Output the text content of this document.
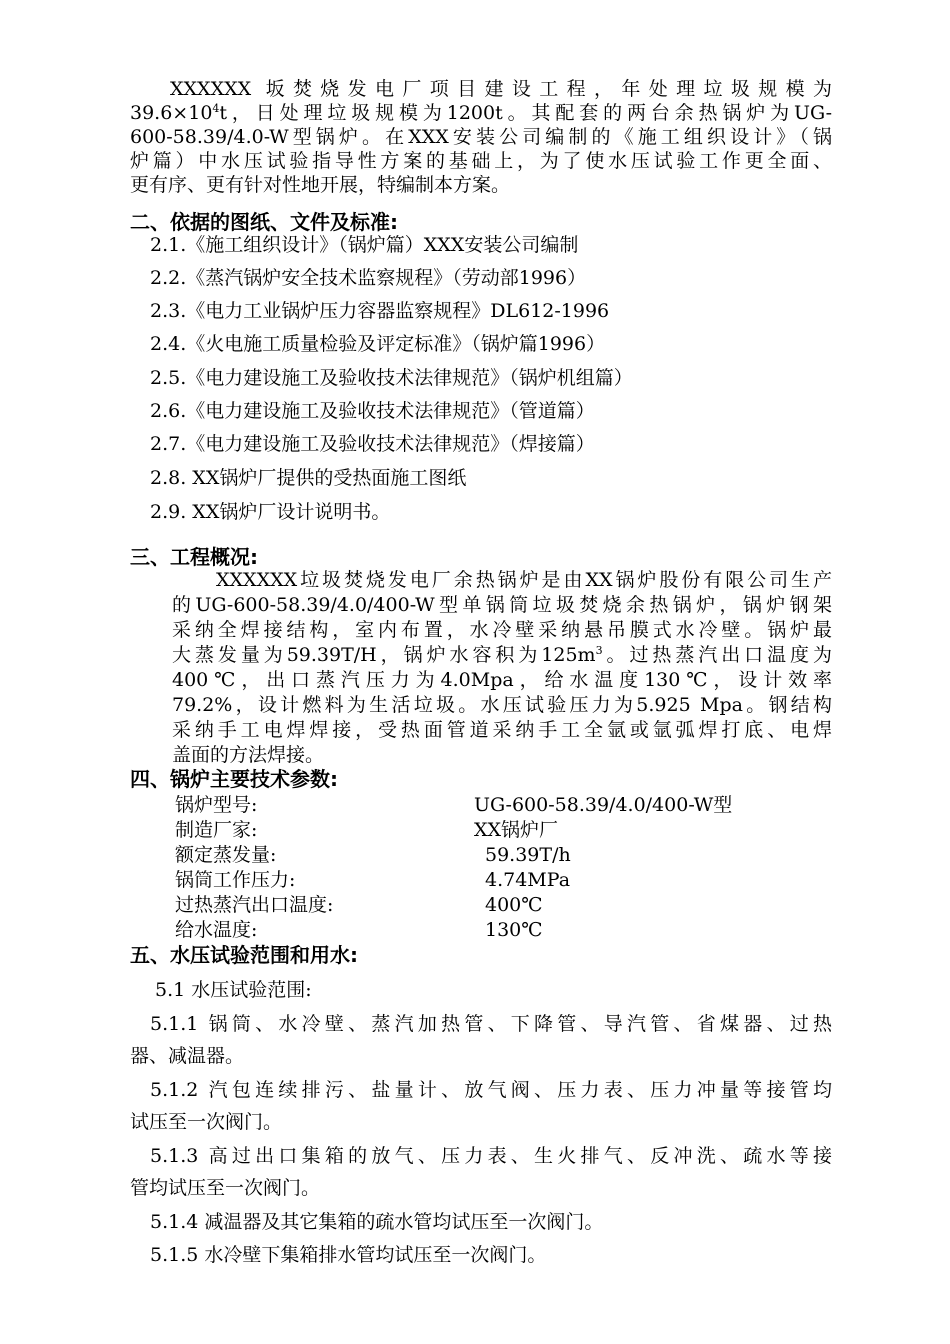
XXXXXX 坂焚烧发电厂项目建设工程，年处理垃圾规模为
$39.6\times 10^4t$，日处理垃圾规模为1200t。其配套的两台余热锅炉为UG-
600-58.39/4.0-W型锅炉。在XXX安装公司编制的《施工组织设计》（锅
炉篇）中水压试验指导性方案的基础上，为了使水压试验工作更全面、
更有序、更有针对性地开展，特编制本方案。
二、依据的图纸、文件及标准:
2.1.《施工组织设计》（锅炉篇）XXX安装公司编制
2.2.《蒸汽锅炉安全技术监察规程》（劳动部1996）
2.3.《电力工业锅炉压力容器监察规程》DL612-1996
2.4.《火电施工质量检验及评定标准》（锅炉篇1996）
2.5.《电力建设施工及验收技术法律规范》（锅炉机组篇）
2.6.《电力建设施工及验收技术法律规范》（管道篇）
2.7.《电力建设施工及验收技术法律规范》（焊接篇）
2.8. XX锅炉厂提供的受热面施工图纸
2.9. XX锅炉厂设计说明书。
三、工程概况:
XXXXXX垃圾焚烧发电厂余热锅炉是由XX锅炉股份有限公司生产
的UG-600-58.39/4.0/400-W型单锅筒垃圾焚烧余热锅炉，锅炉钢架
采纳全焊接结构，室内布置，水冷壁采纳悬吊膜式水冷壁。锅炉最
大蒸发量为59.39T/H，锅炉水容积为$125m^3$。过热蒸汽出口温度为
400℃，出口蒸汽压力为4.0Mpa，给水温度130℃，设计效率
79.2%，设计燃料为生活垃圾。水压试验压力为5.925 Mpa。钢结构
采纳手工电焊焊接，受热面管道采纳手工全氩或氩弧焊打底、电焊
盖面的方法焊接。
四、锅炉主要技术参数:
锅炉型号:	UG-600-58.39/4.0/400-W型
制造厂家:	XX锅炉厂
额定蒸发量:	59.39T/h
锅筒工作压力:	4.74MPa
过热蒸汽出口温度:	400℃
给水温度:	130℃
五、水压试验范围和用水:
5.1 水压试验范围:
5.1.1 锅筒、水冷壁、蒸汽加热管、下降管、导汽管、省煤器、过热
器、减温器。
5.1.2 汽包连续排污、盐量计、放气阀、压力表、压力冲量等接管均
试压至一次阀门。
5.1.3 高过出口集箱的放气、压力表、生火排气、反冲洗、疏水等接
管均试压至一次阀门。
5.1.4 减温器及其它集箱的疏水管均试压至一次阀门。
5.1.5 水冷壁下集箱排水管均试压至一次阀门。
